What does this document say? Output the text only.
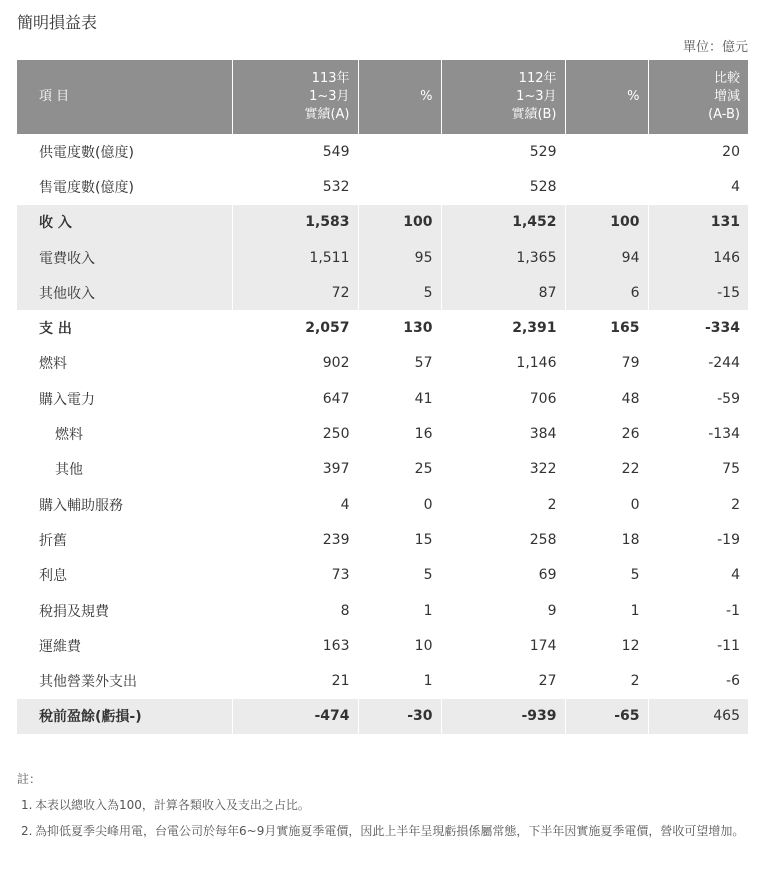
簡明損益表
單位：億元
項 目	113年
1~3月
實績(A)	%	112年
1~3月
實績(B)	%	比較
增減
(A-B)
供電度數(億度)	549		529		20
售電度數(億度)	532		528		4
收 入	1,583	100	1,452	100	131
電費收入	1,511	95	1,365	94	146
其他收入	72	5	87	6	-15
支 出	2,057	130	2,391	165	-334
燃料	902	57	1,146	79	-244
購入電力	647	41	706	48	-59
燃料	250	16	384	26	-134
其他	397	25	322	22	75
購入輔助服務	4	0	2	0	2
折舊	239	15	258	18	-19
利息	73	5	69	5	4
稅捐及規費	8	1	9	1	-1
運維費	163	10	174	12	-11
其他營業外支出	21	1	27	2	-6
稅前盈餘(虧損-)	-474	-30	-939	-65	465
註：
1. 本表以總收入為100，計算各類收入及支出之占比。
2. 為抑低夏季尖峰用電，台電公司於每年6~9月實施夏季電價，因此上半年呈現虧損係屬常態，下半年因實施夏季電價，營收可望增加。
